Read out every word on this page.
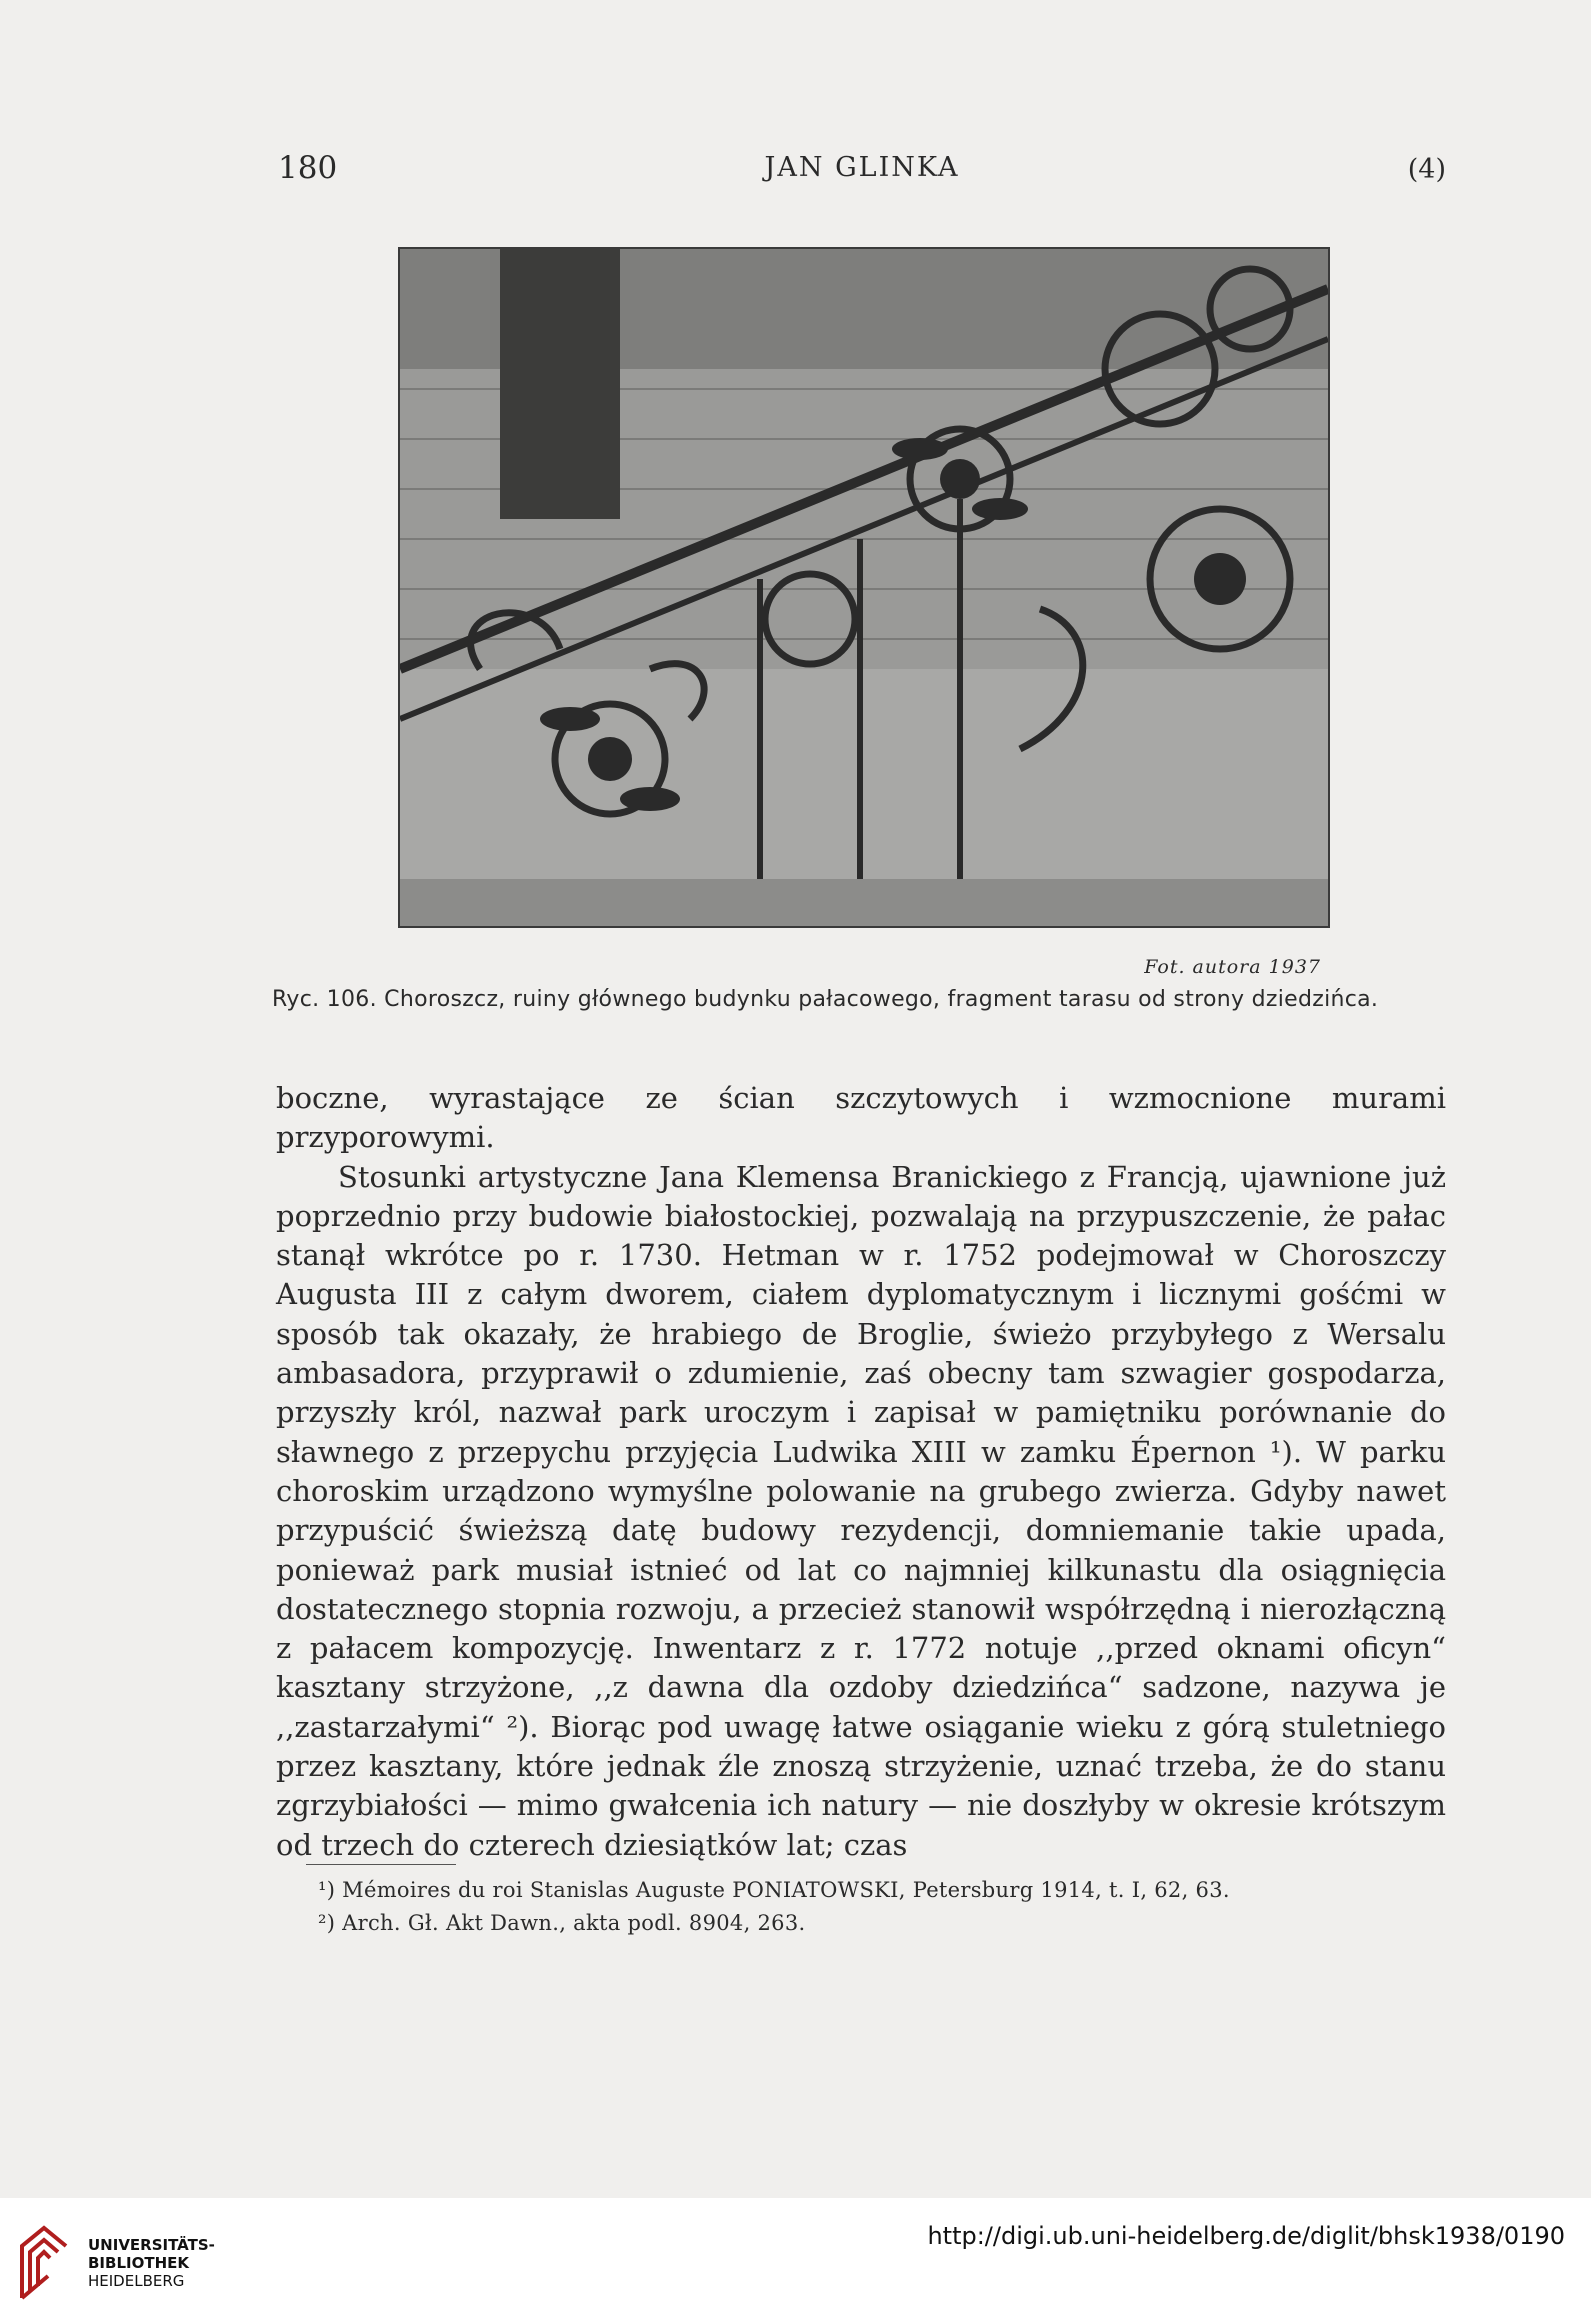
180	JAN GLINKA	(4)
Fot. autora 1937
Ryc. 106. Choroszcz, ruiny głównego budynku pałacowego, fragment tarasu od strony dziedzińca.

boczne, wyrastające ze ścian szczytowych i wzmocnione murami przyporowymi.

Stosunki artystyczne Jana Klemensa Branickiego z Francją, ujawnione już poprzednio przy budowie białostockiej, pozwalają na przypuszczenie, że pałac stanął wkrótce po r. 1730. Hetman w r. 1752 podejmował w Choroszczy Augusta III z całym dworem, ciałem dyplomatycznym i licznymi gośćmi w sposób tak okazały, że hrabiego de Broglie, świeżo przybyłego z Wersalu ambasadora, przyprawił o zdumienie, zaś obecny tam szwagier gospodarza, przyszły król, nazwał park uroczym i zapisał w pamiętniku porównanie do sławnego z przepychu przyjęcia Ludwika XIII w zamku Épernon ¹). W parku choroskim urządzono wymyślne polowanie na grubego zwierza. Gdyby nawet przypuścić świeższą datę budowy rezydencji, domniemanie takie upada, ponieważ park musiał istnieć od lat co najmniej kilkunastu dla osiągnięcia dostatecznego stopnia rozwoju, a przecież stanowił współrzędną i nierozłączną z pałacem kompozycję. Inwentarz z r. 1772 notuje ,,przed oknami oficyn“ kasztany strzyżone, ,,z dawna dla ozdoby dziedzińca“ sadzone, nazywa je ,,zastarzałymi“ ²). Biorąc pod uwagę łatwe osiąganie wieku z górą stuletniego przez kasztany, które jednak źle znoszą strzyżenie, uznać trzeba, że do stanu zgrzybiałości — mimo gwałcenia ich natury — nie doszłyby w okresie krótszym od trzech do czterech dziesiątków lat; czas

¹) Mémoires du roi Stanislas Auguste PONIATOWSKI, Petersburg 1914, t. I, 62, 63.
²) Arch. Gł. Akt Dawn., akta podl. 8904, 263.
UNIVERSITÄTS-
BIBLIOTHEK
HEIDELBERG
http://digi.ub.uni-heidelberg.de/diglit/bhsk1938/0190
